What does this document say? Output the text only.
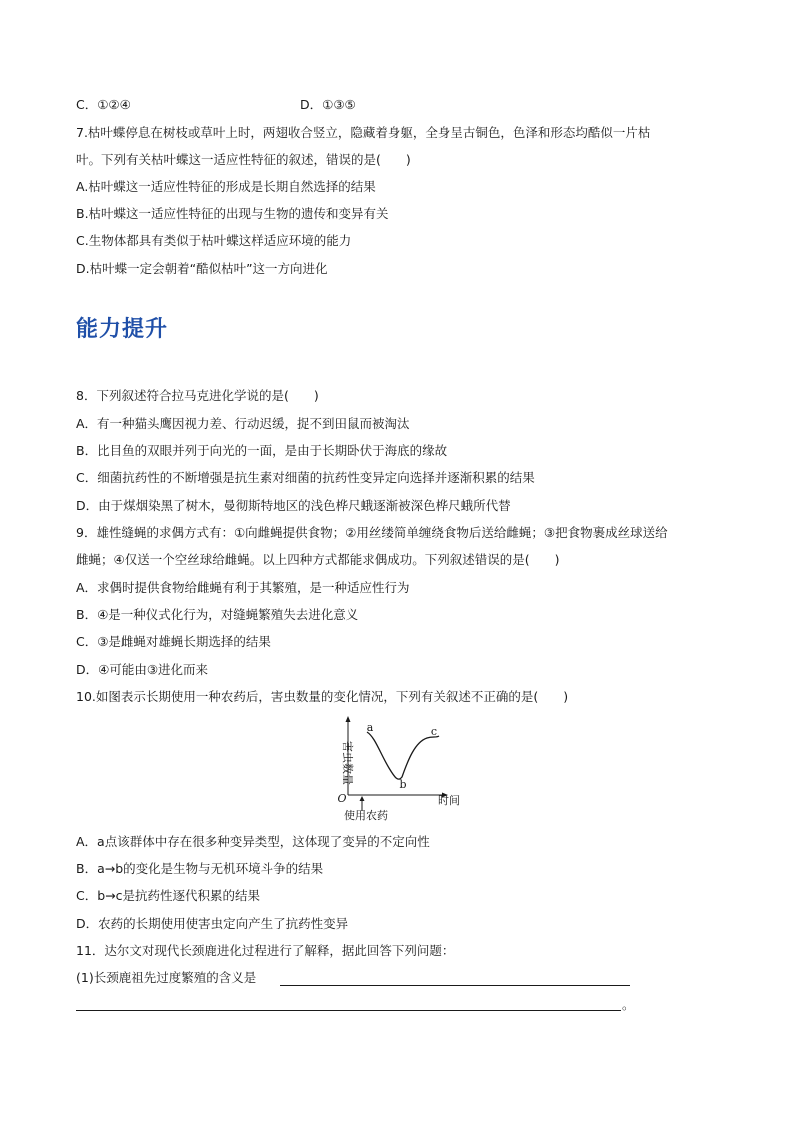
C．①②④	D．①③⑤
7.枯叶蝶停息在树枝或草叶上时，两翅收合竖立，隐藏着身躯，全身呈古铜色，色泽和形态均酷似一片枯
叶。下列有关枯叶蝶这一适应性特征的叙述，错误的是(　　)
A.枯叶蝶这一适应性特征的形成是长期自然选择的结果
B.枯叶蝶这一适应性特征的出现与生物的遗传和变异有关
C.生物体都具有类似于枯叶蝶这样适应环境的能力
D.枯叶蝶一定会朝着“酷似枯叶”这一方向进化
能力提升
8．下列叙述符合拉马克进化学说的是(　　)
A．有一种猫头鹰因视力差、行动迟缓，捉不到田鼠而被淘汰
B．比目鱼的双眼并列于向光的一面，是由于长期卧伏于海底的缘故
C．细菌抗药性的不断增强是抗生素对细菌的抗药性变异定向选择并逐渐积累的结果
D．由于煤烟染黑了树木，曼彻斯特地区的浅色桦尺蛾逐渐被深色桦尺蛾所代替
9．雄性缝蝇的求偶方式有：①向雌蝇提供食物；②用丝缕简单缠绕食物后送给雌蝇；③把食物裹成丝球送给
雌蝇；④仅送一个空丝球给雌蝇。以上四种方式都能求偶成功。下列叙述错误的是(　　)
A．求偶时提供食物给雌蝇有利于其繁殖，是一种适应性行为
B．④是一种仪式化行为，对缝蝇繁殖失去进化意义
C．③是雌蝇对雄蝇长期选择的结果
D．④可能由③进化而来
10.如图表示长期使用一种农药后，害虫数量的变化情况，下列有关叙述不正确的是(　　)
害虫数量
O	时间
使用农药
a
b
c
A．a点该群体中存在很多种变异类型，这体现了变异的不定向性
B．a→b的变化是生物与无机环境斗争的结果
C．b→c是抗药性逐代积累的结果
D．农药的长期使用使害虫定向产生了抗药性变异
11．达尔文对现代长颈鹿进化过程进行了解释，据此回答下列问题：
(1)长颈鹿祖先过度繁殖的含义是
。
